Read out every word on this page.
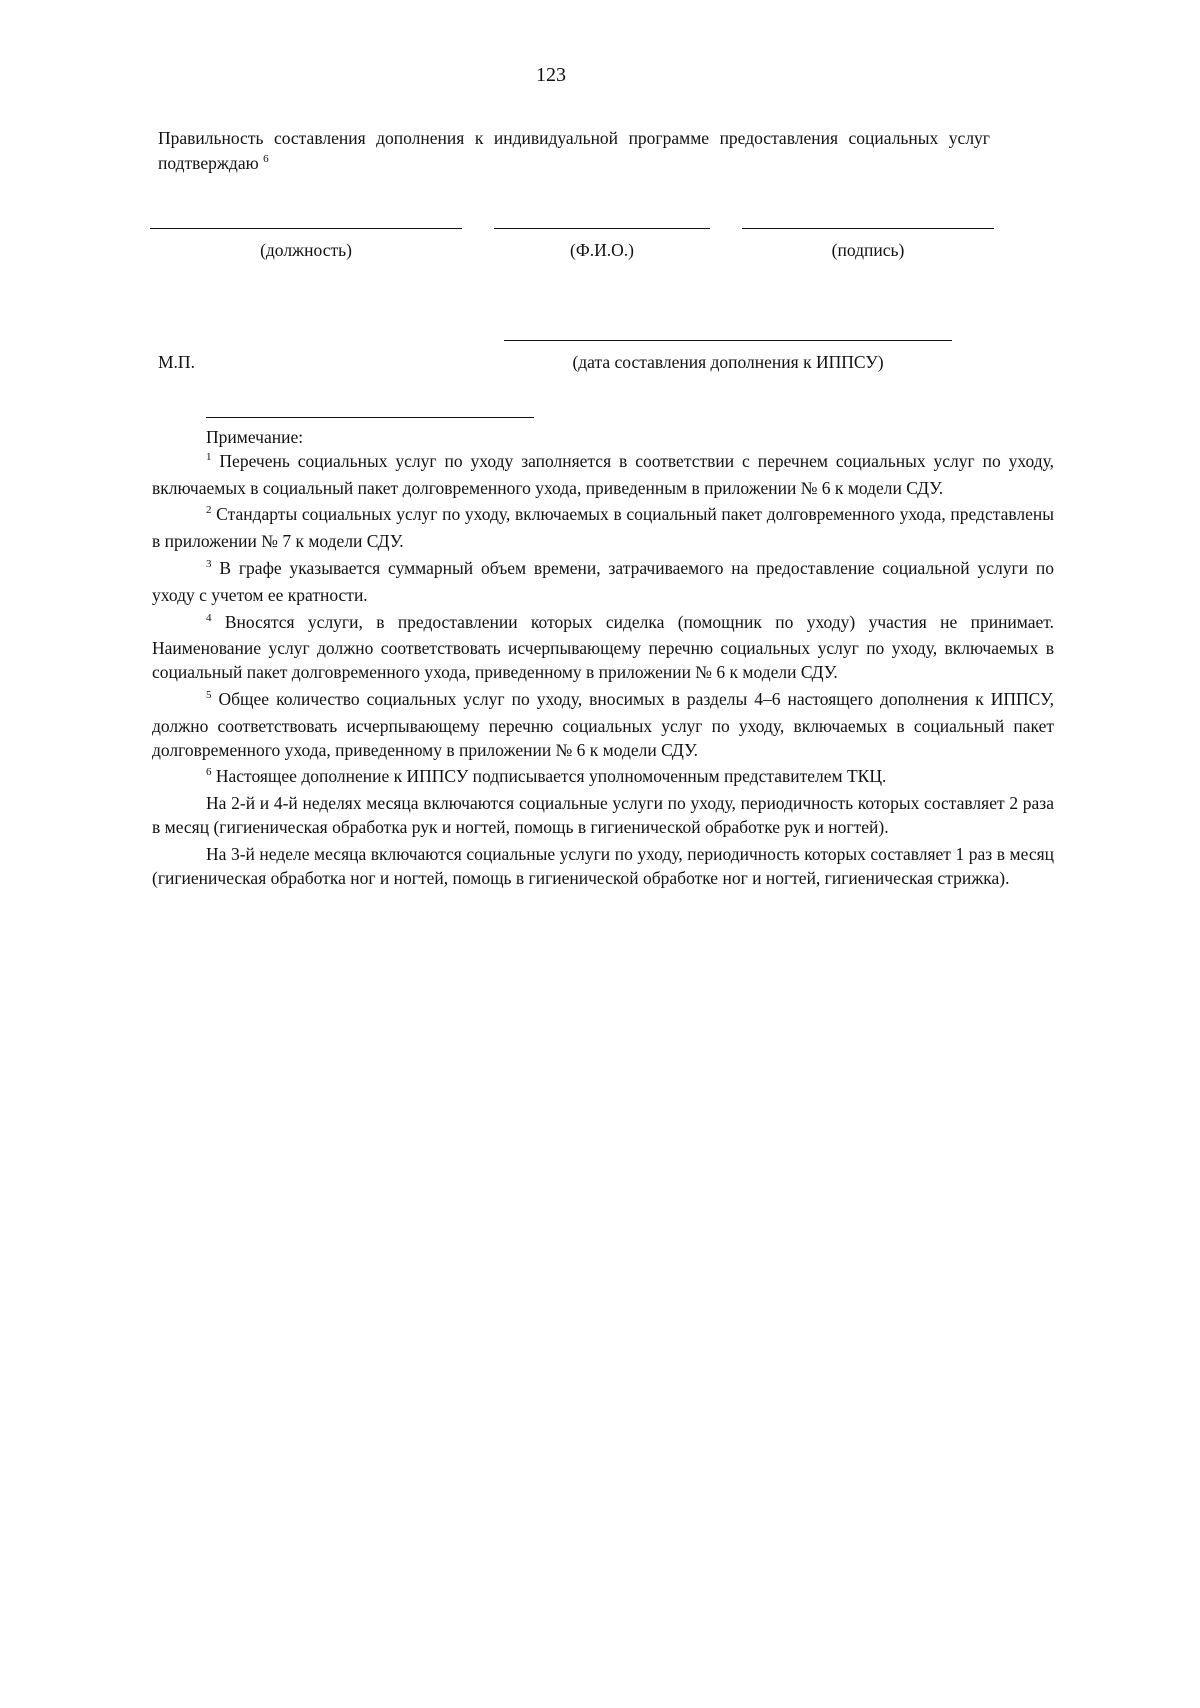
123
Правильность составления дополнения к индивидуальной программе предоставления социальных услуг подтверждаю $^6$
(должность)	(Ф.И.О.)	(подпись)
М.П.	(дата составления дополнения к ИППСУ)

Примечание:

$^1$ Перечень социальных услуг по уходу заполняется в соответствии с перечнем социальных услуг по уходу, включаемых в социальный пакет долговременного ухода, приведенным в приложении № 6 к модели СДУ.

$^2$ Стандарты социальных услуг по уходу, включаемых в социальный пакет долговременного ухода, представлены в приложении № 7 к модели СДУ.

$^3$ В графе указывается суммарный объем времени, затрачиваемого на предоставление социальной услуги по уходу с учетом ее кратности.

$^4$ Вносятся услуги, в предоставлении которых сиделка (помощник по уходу) участия не принимает. Наименование услуг должно соответствовать исчерпывающему перечню социальных услуг по уходу, включаемых в социальный пакет долговременного ухода, приведенному в приложении № 6 к модели СДУ.

$^5$ Общее количество социальных услуг по уходу, вносимых в разделы 4–6 настоящего дополнения к ИППСУ, должно соответствовать исчерпывающему перечню социальных услуг по уходу, включаемых в социальный пакет долговременного ухода, приведенному в приложении № 6 к модели СДУ.

$^6$ Настоящее дополнение к ИППСУ подписывается уполномоченным представителем ТКЦ.

На 2-й и 4-й неделях месяца включаются социальные услуги по уходу, периодичность которых составляет 2 раза в месяц (гигиеническая обработка рук и ногтей, помощь в гигиенической обработке рук и ногтей).

На 3-й неделе месяца включаются социальные услуги по уходу, периодичность которых составляет 1 раз в месяц (гигиеническая обработка ног и ногтей, помощь в гигиенической обработке ног и ногтей, гигиеническая стрижка).
